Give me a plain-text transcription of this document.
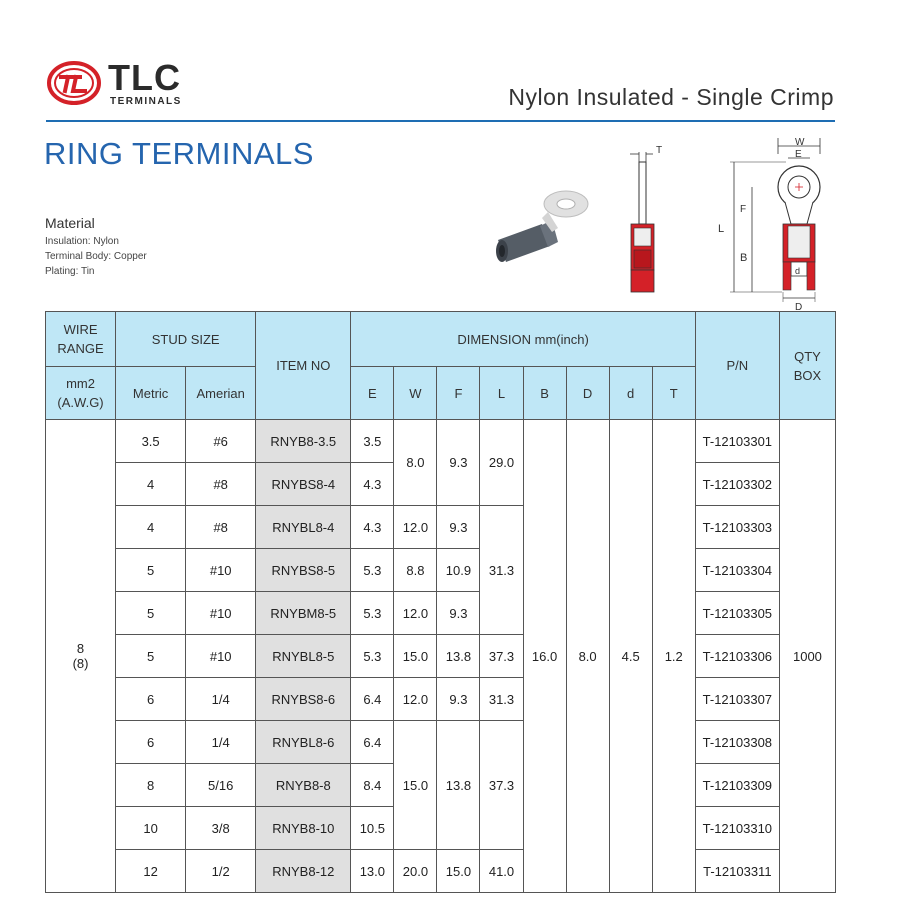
TLC
TERMINALS	Nylon Insulated - Single Crimp
RING TERMINALS
Material
Insulation: Nylon
Terminal Body: Copper
Plating: Tin
T
W
E
d
L
F
B
D
WIRE RANGE	STUD SIZE		ITEM NO	DIMENSION mm(inch)								P/N	QTY BOX

mm2
(A.W.G)	Metric	Amerian		E	W	F	L	B	D	d	T		

8
(8)	3.5	#6	RNYB8-3.5	3.5	8.0	9.3	29.0	16.0	8.0	4.5	1.2	T-12103301	1000
	4	#8	RNYBS8-4	4.3								T-12103302	
	4	#8	RNYBL8-4	4.3	12.0	9.3	31.3					T-12103303	
	5	#10	RNYBS8-5	5.3	8.8	10.9						T-12103304	
	5	#10	RNYBM8-5	5.3	12.0	9.3						T-12103305	
	5	#10	RNYBL8-5	5.3	15.0	13.8	37.3					T-12103306	
	6	1/4	RNYBS8-6	6.4	12.0	9.3	31.3					T-12103307	
	6	1/4	RNYBL8-6	6.4	15.0	13.8	37.3					T-12103308	
	8	5/16	RNYB8-8	8.4								T-12103309	
	10	3/8	RNYB8-10	10.5								T-12103310	
	12	1/2	RNYB8-12	13.0	20.0	15.0	41.0					T-12103311	
